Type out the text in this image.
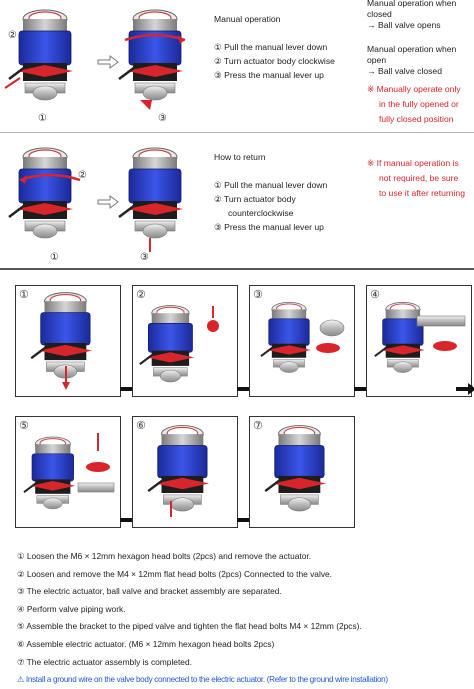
②
①	③
Manual operation
① Pull the manual lever down
② Turn actuator body clockwise
③ Press the manual lever up
Manual operation when
closed
→ Ball valve opens
Manual operation when
open
→ Ball valve closed
※ Manually operate only
in the fully opened or
fully closed position
②
①	③
How to return
① Pull the manual lever down
② Turn actuator body
counterclockwise
③ Press the manual lever up
※ If manual operation is
not required, be sure
to use it after returning
①	②	③	④
⑤	⑥	⑦
① Loosen the M6 × 12mm hexagon head bolts (2pcs) and remove the actuator.
② Loosen and remove the M4 × 12mm flat head bolts (2pcs) Connected to the valve.
③ The electric actuator, ball valve and bracket assembly are separated.
④ Perform valve piping work.
⑤ Assemble the bracket to the piped valve and tighten the flat head bolts M4 × 12mm (2pcs).
⑥ Assemble electric actuator. (M6 × 12mm hexagon head bolts 2pcs)
⑦ The electric actuator assembly is completed.
⚠ Install a ground wire on the valve body connected to the electric actuator. (Refer to the ground wire installation)
